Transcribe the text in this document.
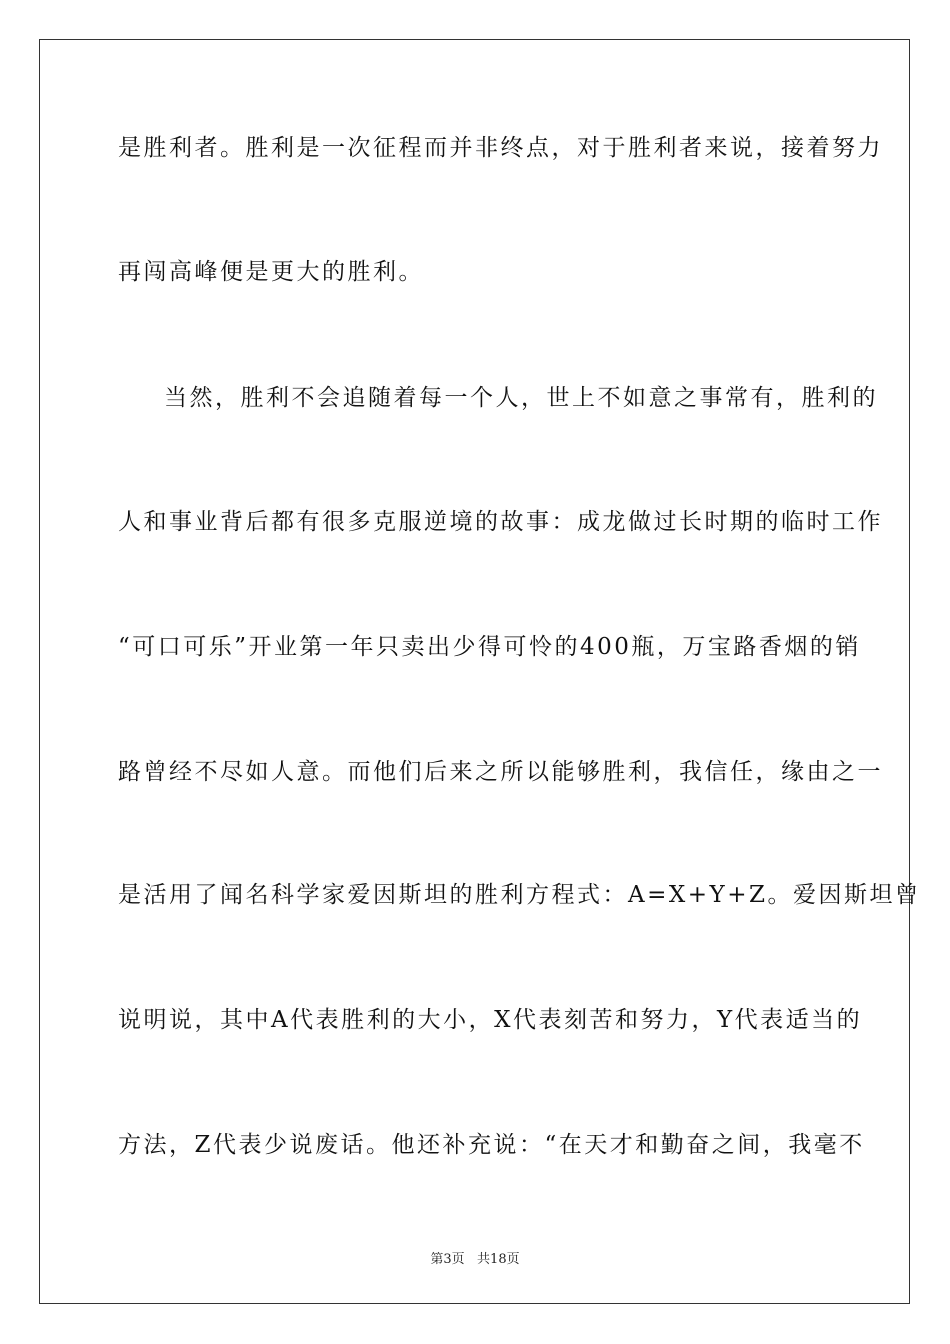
是胜利者。胜利是一次征程而并非终点，对于胜利者来说，接着努力
再闯高峰便是更大的胜利。
当然，胜利不会追随着每一个人，世上不如意之事常有，胜利的
人和事业背后都有很多克服逆境的故事：成龙做过长时期的临时工作
“可口可乐”开业第一年只卖出少得可怜的400瓶，万宝路香烟的销
路曾经不尽如人意。而他们后来之所以能够胜利，我信任，缘由之一
是活用了闻名科学家爱因斯坦的胜利方程式：A=X+Y+Z。爱因斯坦曾
说明说，其中A代表胜利的大小，X代表刻苦和努力，Y代表适当的
方法，Z代表少说废话。他还补充说：“在天才和勤奋之间，我毫不
第3页   共18页
